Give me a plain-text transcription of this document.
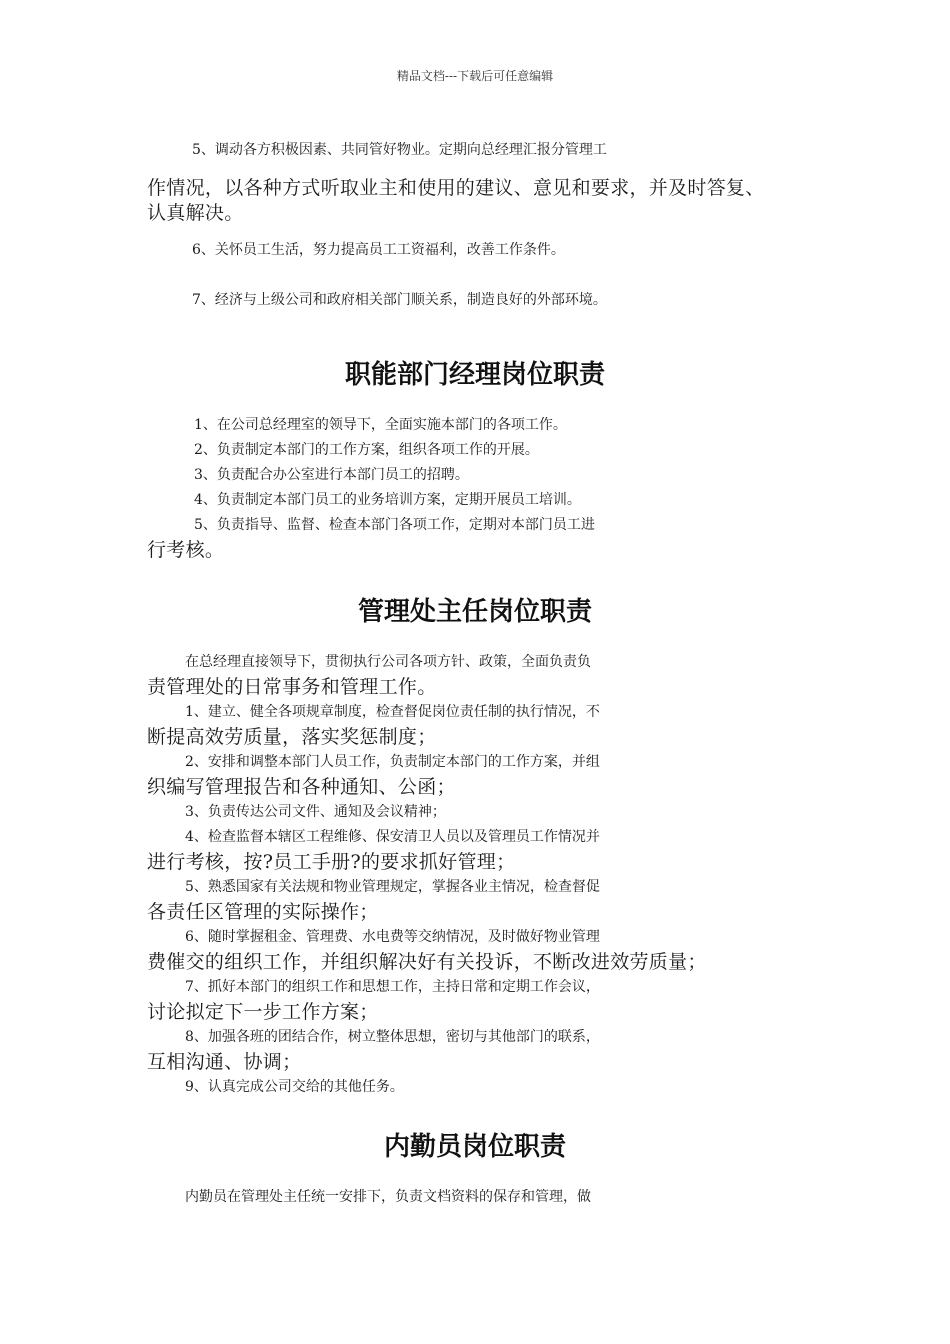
精品文档---下载后可任意编辑
5、调动各方积极因素、共同管好物业。定期向总经理汇报分管理工
作情况，以各种方式听取业主和使用的建议、意见和要求，并及时答复、
认真解决。
6、关怀员工生活，努力提高员工工资福利，改善工作条件。
7、经济与上级公司和政府相关部门顺关系，制造良好的外部环境。
职能部门经理岗位职责
1、在公司总经理室的领导下，全面实施本部门的各项工作。
2、负责制定本部门的工作方案，组织各项工作的开展。
3、负责配合办公室进行本部门员工的招聘。
4、负责制定本部门员工的业务培训方案，定期开展员工培训。
5、负责指导、监督、检查本部门各项工作，定期对本部门员工进
行考核。
管理处主任岗位职责
在总经理直接领导下，贯彻执行公司各项方针、政策，全面负责负
责管理处的日常事务和管理工作。
1、建立、健全各项规章制度，检查督促岗位责任制的执行情况，不
断提高效劳质量，落实奖惩制度；
2、安排和调整本部门人员工作，负责制定本部门的工作方案，并组
织编写管理报告和各种通知、公函；
3、负责传达公司文件、通知及会议精神；
4、检查监督本辖区工程维修、保安清卫人员以及管理员工作情况并
进行考核，按?员工手册?的要求抓好管理；
5、熟悉国家有关法规和物业管理规定，掌握各业主情况，检查督促
各责任区管理的实际操作；
6、随时掌握租金、管理费、水电费等交纳情况，及时做好物业管理
费催交的组织工作，并组织解决好有关投诉，不断改进效劳质量；
7、抓好本部门的组织工作和思想工作，主持日常和定期工作会议，
讨论拟定下一步工作方案；
8、加强各班的团结合作，树立整体思想，密切与其他部门的联系，
互相沟通、协调；
9、认真完成公司交给的其他任务。
内勤员岗位职责
内勤员在管理处主任统一安排下，负责文档资料的保存和管理，做
